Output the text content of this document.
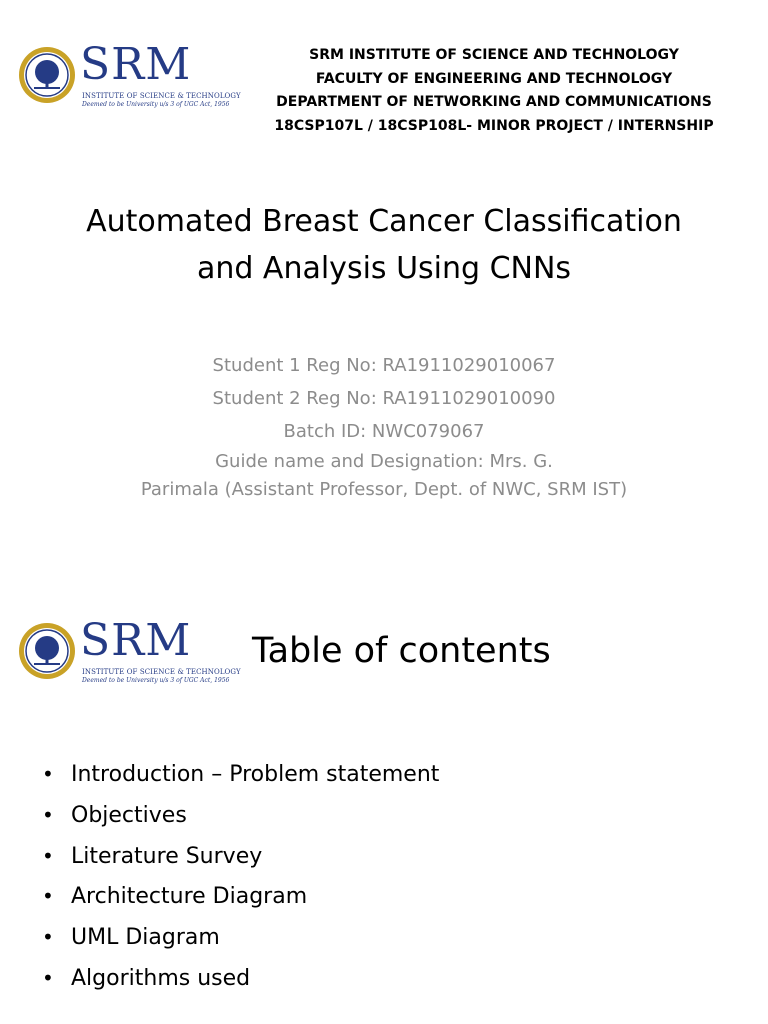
SRM
INSTITUTE OF SCIENCE & TECHNOLOGY
Deemed to be University u/s 3 of UGC Act, 1956
SRM INSTITUTE OF SCIENCE AND TECHNOLOGY
FACULTY OF ENGINEERING AND TECHNOLOGY
DEPARTMENT OF NETWORKING AND COMMUNICATIONS
18CSP107L / 18CSP108L- MINOR PROJECT / INTERNSHIP
Automated Breast Cancer Classification
and Analysis Using CNNs
Student 1 Reg No: RA1911029010067
Student 2 Reg No: RA1911029010090
Batch ID: NWC079067
Guide name and Designation: Mrs. G.
Parimala (Assistant Professor, Dept. of NWC, SRM IST)
SRM
INSTITUTE OF SCIENCE & TECHNOLOGY
Deemed to be University u/s 3 of UGC Act, 1956
Table of contents
• Introduction – Problem statement
• Objectives
• Literature Survey
• Architecture Diagram
• UML Diagram
• Algorithms used
